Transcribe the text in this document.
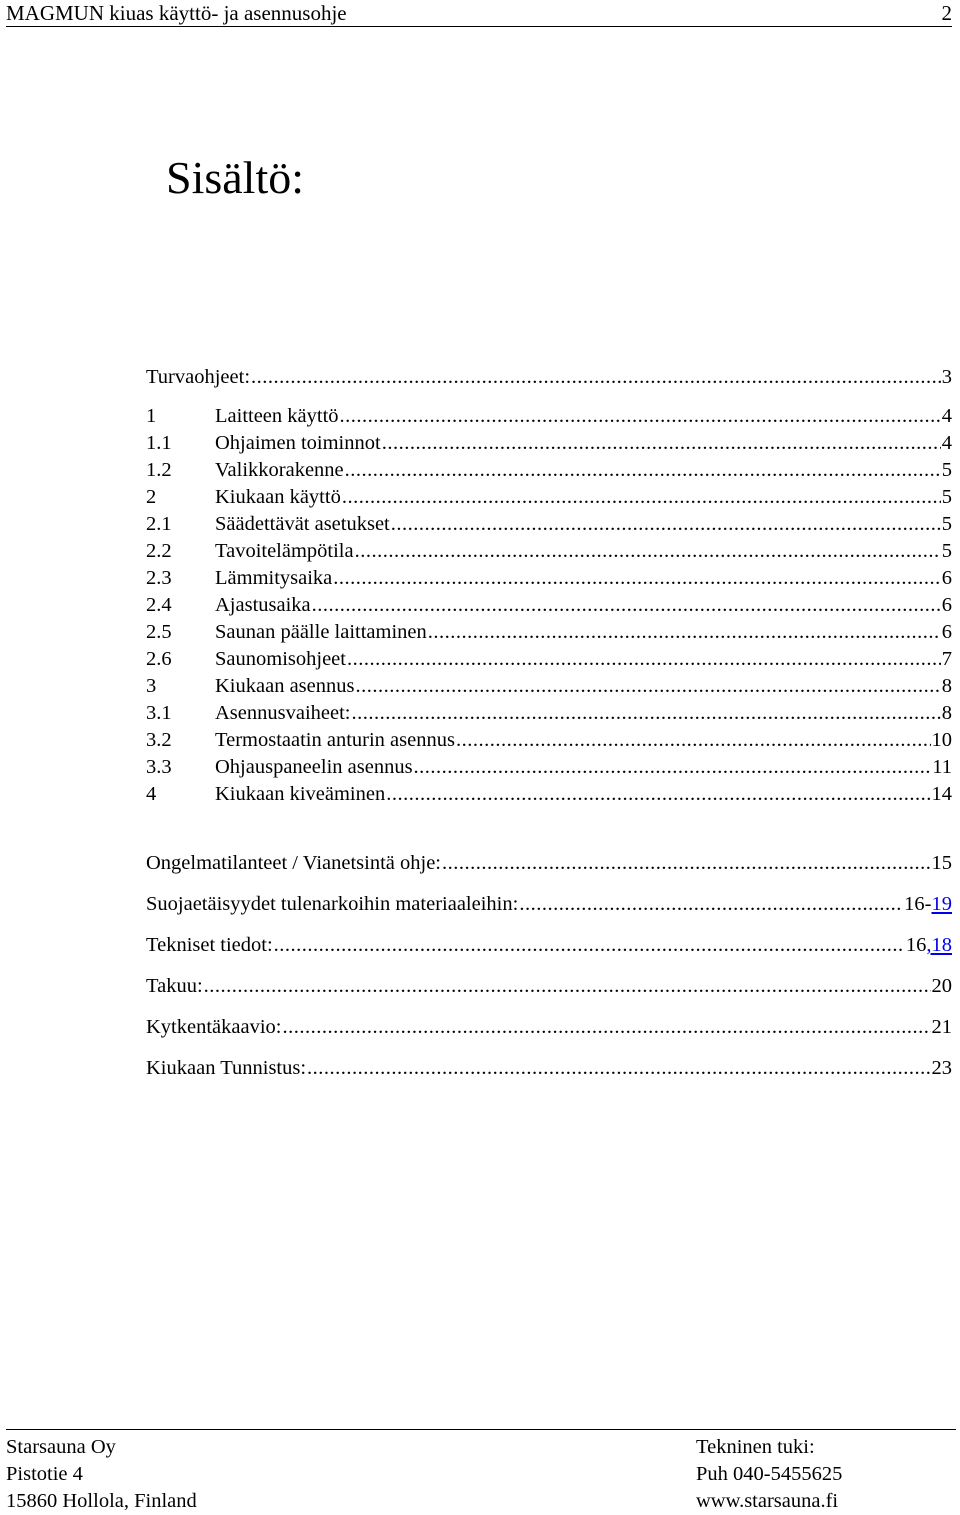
MAGMUN kiuas käyttö- ja asennusohje	2
Sisältö:
Turvaohjeet: .....	3
1	Laitteen käyttö .....	4
1.1	Ohjaimen toiminnot .....	4
1.2	Valikkorakenne .....	5
2	Kiukaan käyttö .....	5
2.1	Säädettävät asetukset .....	5
2.2	Tavoitelämpötila .....	5
2.3	Lämmitysaika .....	6
2.4	Ajastusaika .....	6
2.5	Saunan päälle laittaminen .....	6
2.6	Saunomisohjeet .....	7
3	Kiukaan asennus .....	8
3.1	Asennusvaiheet: .....	8
3.2	Termostaatin anturin asennus .....	10
3.3	Ohjauspaneelin asennus .....	11
4	Kiukaan kiveäminen .....	14
Ongelmatilanteet / Vianetsintä ohje: .....	15
Suojaetäisyydet tulenarkoihin materiaaleihin: .....	16-19
Tekniset tiedot: .....	16,18
Takuu: .....	20
Kytkentäkaavio: .....	21
Kiukaan Tunnistus: .....	23
Starsauna Oy
Pistotie 4
15860 Hollola, Finland
Tekninen tuki:
Puh 040-5455625
www.starsauna.fi
